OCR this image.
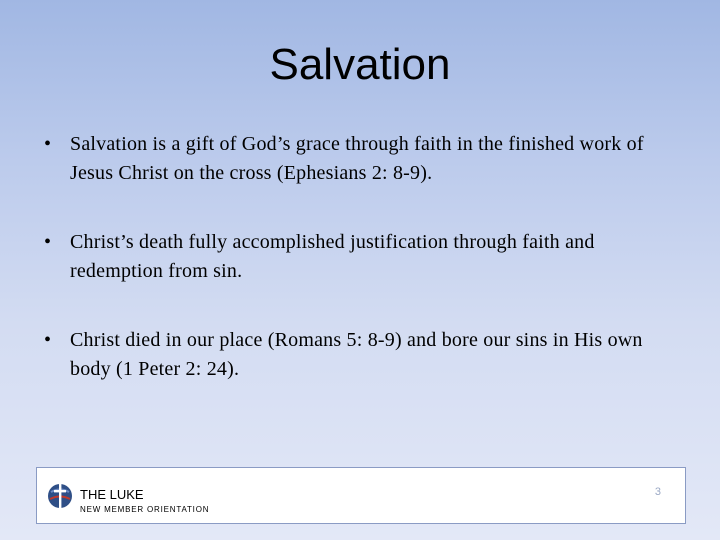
Salvation
• Salvation is a gift of God’s grace through faith in the finished work of Jesus Christ on the cross (Ephesians 2: 8-9).
• Christ’s death fully accomplished justification through faith and redemption from sin.
• Christ died in our place (Romans 5: 8-9) and bore our sins in His own body (1 Peter 2: 24).
THE LUKE
NEW MEMBER ORIENTATION
3
